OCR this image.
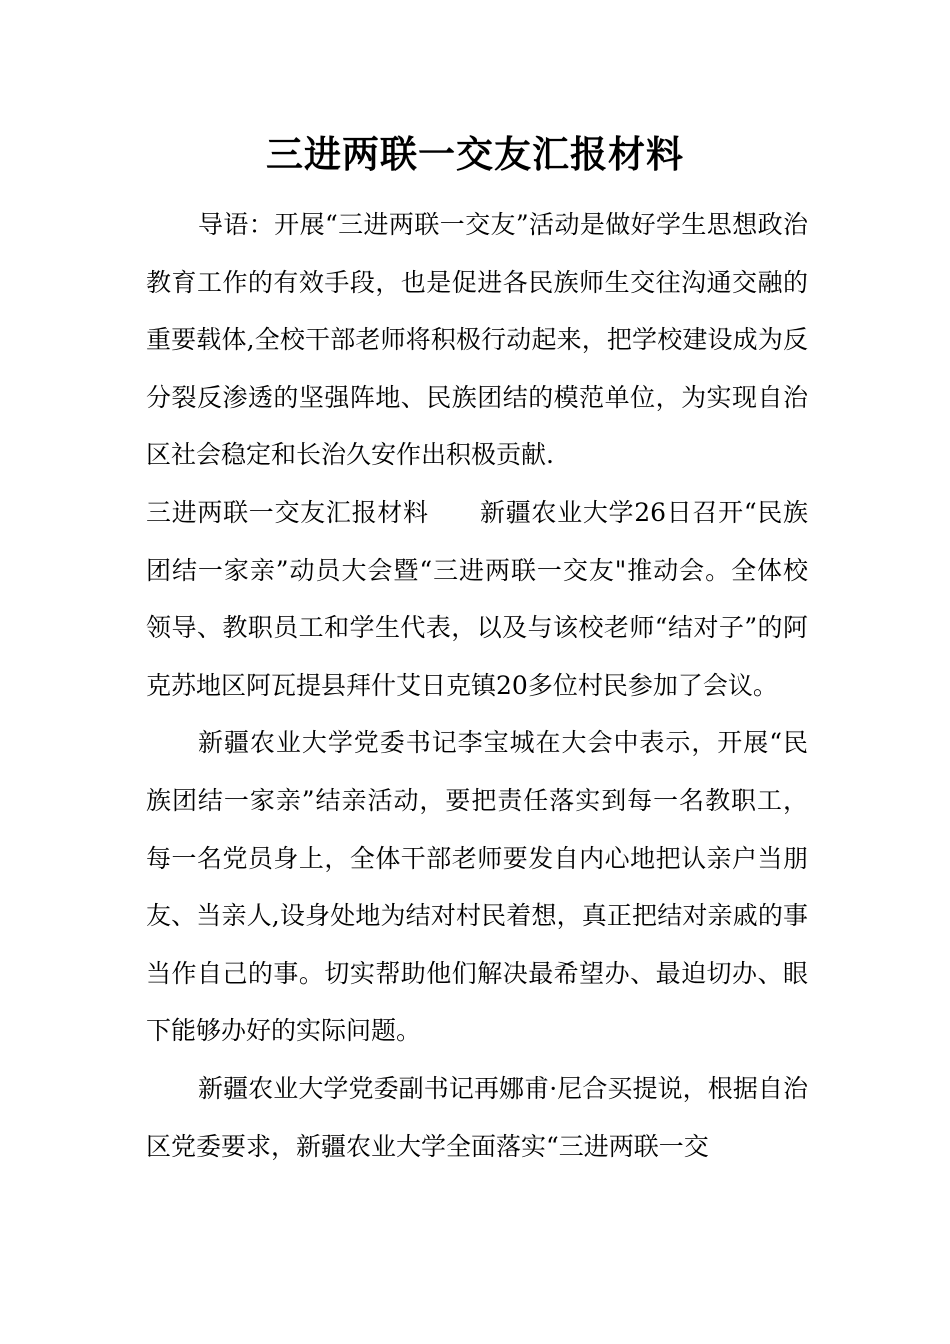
三进两联一交友汇报材料

导语：开展“三进两联一交友”活动是做好学生思想政治教育工作的有效手段，也是促进各民族师生交往沟通交融的重要载体,全校干部老师将积极行动起来，把学校建设成为反分裂反渗透的坚强阵地、民族团结的模范单位，为实现自治区社会稳定和长治久安作出积极贡献.

三进两联一交友汇报材料　　新疆农业大学26日召开“民族团结一家亲”动员大会暨“三进两联一交友"推动会。全体校领导、教职员工和学生代表，以及与该校老师“结对子”的阿克苏地区阿瓦提县拜什艾日克镇20多位村民参加了会议。

新疆农业大学党委书记李宝城在大会中表示，开展“民族团结一家亲”结亲活动，要把责任落实到每一名教职工，每一名党员身上，全体干部老师要发自内心地把认亲户当朋友、当亲人,设身处地为结对村民着想，真正把结对亲戚的事当作自己的事。切实帮助他们解决最希望办、最迫切办、眼下能够办好的实际问题。

新疆农业大学党委副书记再娜甫·尼合买提说，根据自治区党委要求，新疆农业大学全面落实“三进两联一交
